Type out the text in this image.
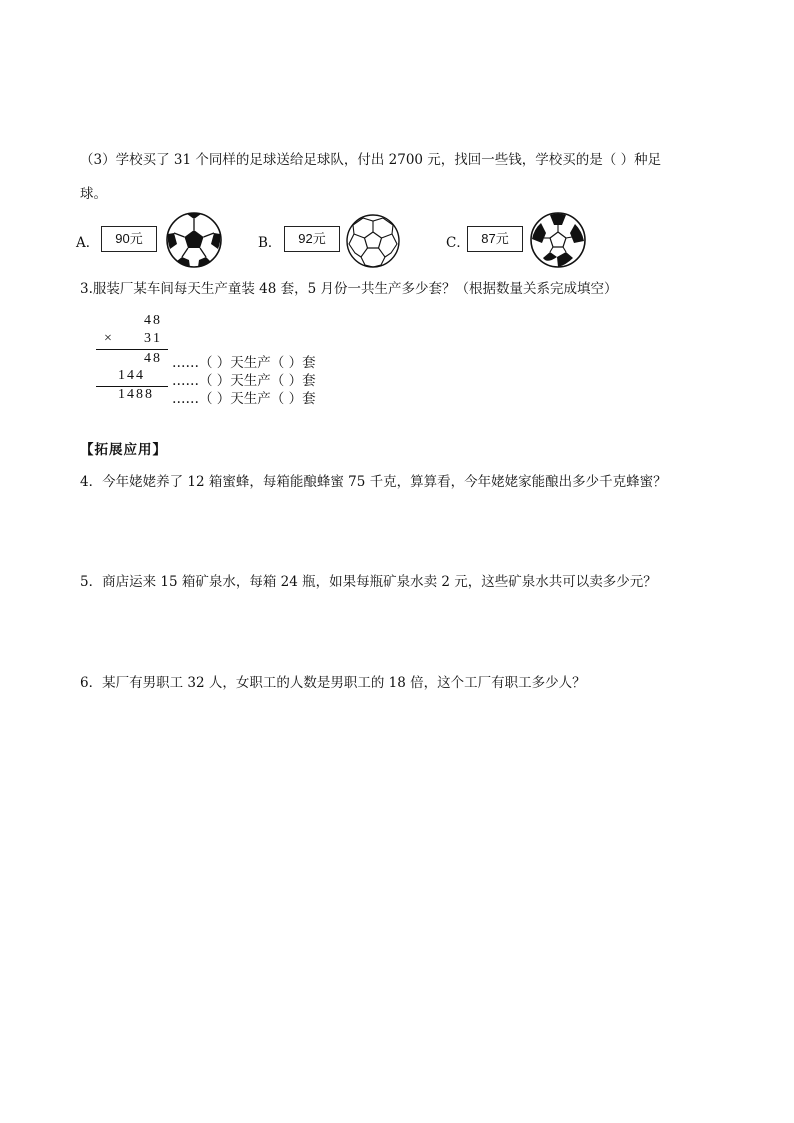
（3）学校买了 31 个同样的足球送给足球队，付出 2700 元，找回一些钱，学校买的是（ ）种足
球。
A．	90元	B．	92元	C． 87元
3.服装厂某车间每天生产童装 48 套，5 月份一共生产多少套？（根据数量关系完成填空）
48
× 31
48
144
1488
……（ ）天生产（ ）套
……（ ）天生产（ ）套
……（ ）天生产（ ）套
【拓展应用】
4．今年姥姥养了 12 箱蜜蜂，每箱能酿蜂蜜 75 千克，算算看，今年姥姥家能酿出多少千克蜂蜜？
5．商店运来 15 箱矿泉水，每箱 24 瓶，如果每瓶矿泉水卖 2 元，这些矿泉水共可以卖多少元？
6．某厂有男职工 32 人，女职工的人数是男职工的 18 倍，这个工厂有职工多少人？
